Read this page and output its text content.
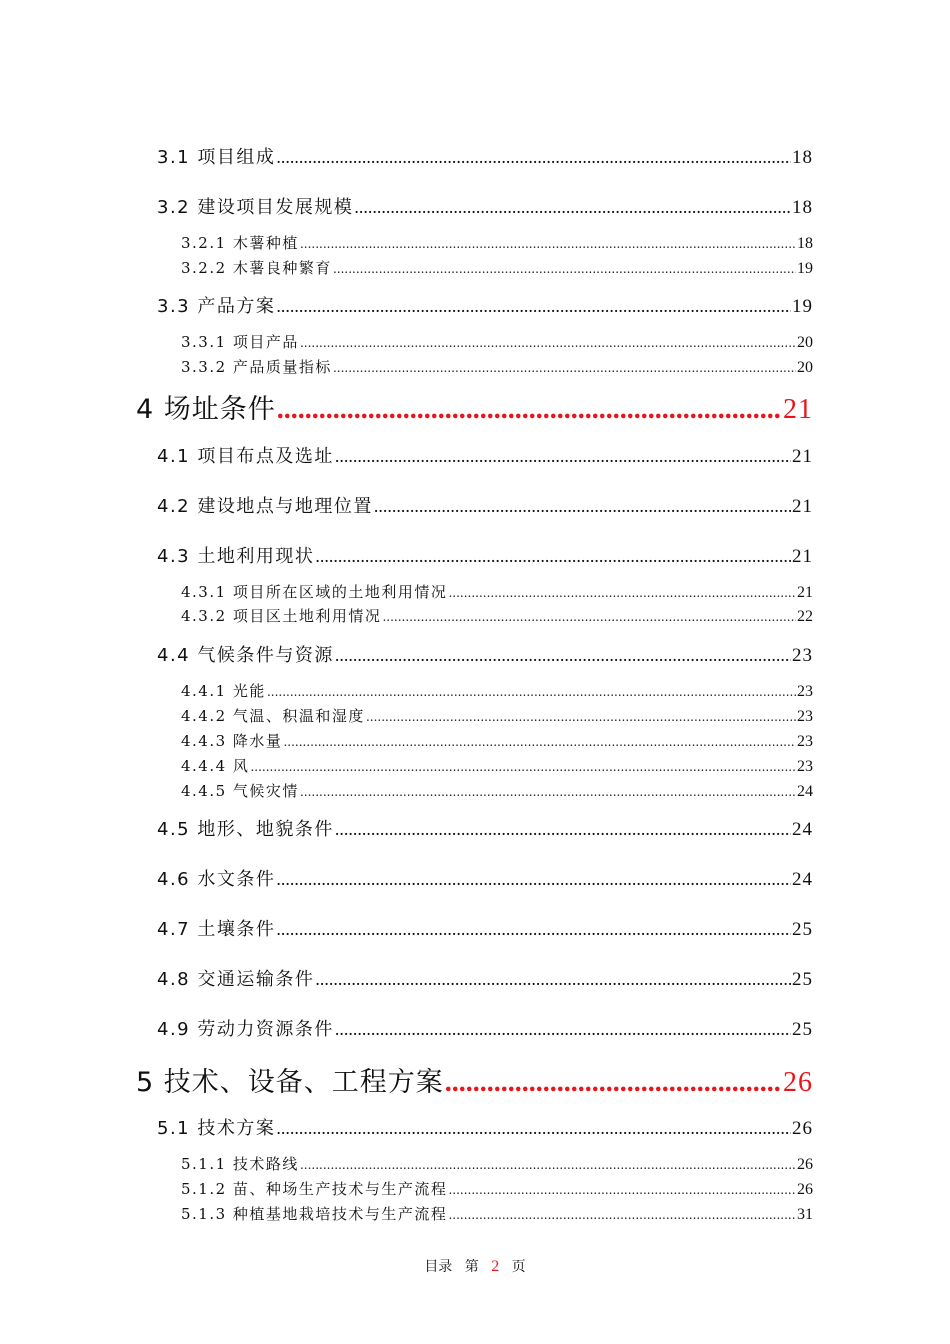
3.1 项目组成 .....	18
3.2 建设项目发展规模 .....	18
3.2.1 木薯种植 .....	18
3.2.2 木薯良种繁育 .....	19
3.3 产品方案 .....	19
3.3.1 项目产品 .....	20
3.3.2 产品质量指标 .....	20
4 场址条件 .....	21
4.1 项目布点及选址 .....	21
4.2 建设地点与地理位置 .....	21
4.3 土地利用现状 .....	21
4.3.1 项目所在区域的土地利用情况 .....	21
4.3.2 项目区土地利用情况 .....	22
4.4 气候条件与资源 .....	23
4.4.1 光能 .....	23
4.4.2 气温、积温和湿度 .....	23
4.4.3 降水量 .....	23
4.4.4 风 .....	23
4.4.5 气候灾情 .....	24
4.5 地形、地貌条件 .....	24
4.6 水文条件 .....	24
4.7 土壤条件 .....	25
4.8 交通运输条件 .....	25
4.9 劳动力资源条件 .....	25
5 技术、设备、工程方案 .....	26
5.1 技术方案 .....	26
5.1.1 技术路线 .....	26
5.1.2 苗、种场生产技术与生产流程 .....	26
5.1.3 种植基地栽培技术与生产流程 .....	31
目录 第 2 页
